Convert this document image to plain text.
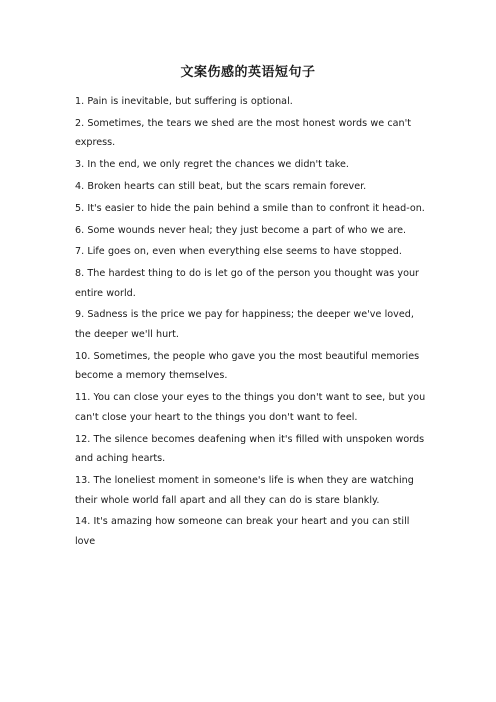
文案伤感的英语短句子
1. Pain is inevitable, but suffering is optional.
2. Sometimes, the tears we shed are the most honest words we can't express.
3. In the end, we only regret the chances we didn't take.
4. Broken hearts can still beat, but the scars remain forever.
5. It's easier to hide the pain behind a smile than to confront it head-on.
6. Some wounds never heal; they just become a part of who we are.
7. Life goes on, even when everything else seems to have stopped.
8. The hardest thing to do is let go of the person you thought was your entire world.
9. Sadness is the price we pay for happiness; the deeper we've loved, the deeper we'll hurt.
10. Sometimes, the people who gave you the most beautiful memories become a memory themselves.
11. You can close your eyes to the things you don't want to see, but you can't close your heart to the things you don't want to feel.
12. The silence becomes deafening when it's filled with unspoken words and aching hearts.
13. The loneliest moment in someone's life is when they are watching their whole world fall apart and all they can do is stare blankly.
14. It's amazing how someone can break your heart and you can still love
